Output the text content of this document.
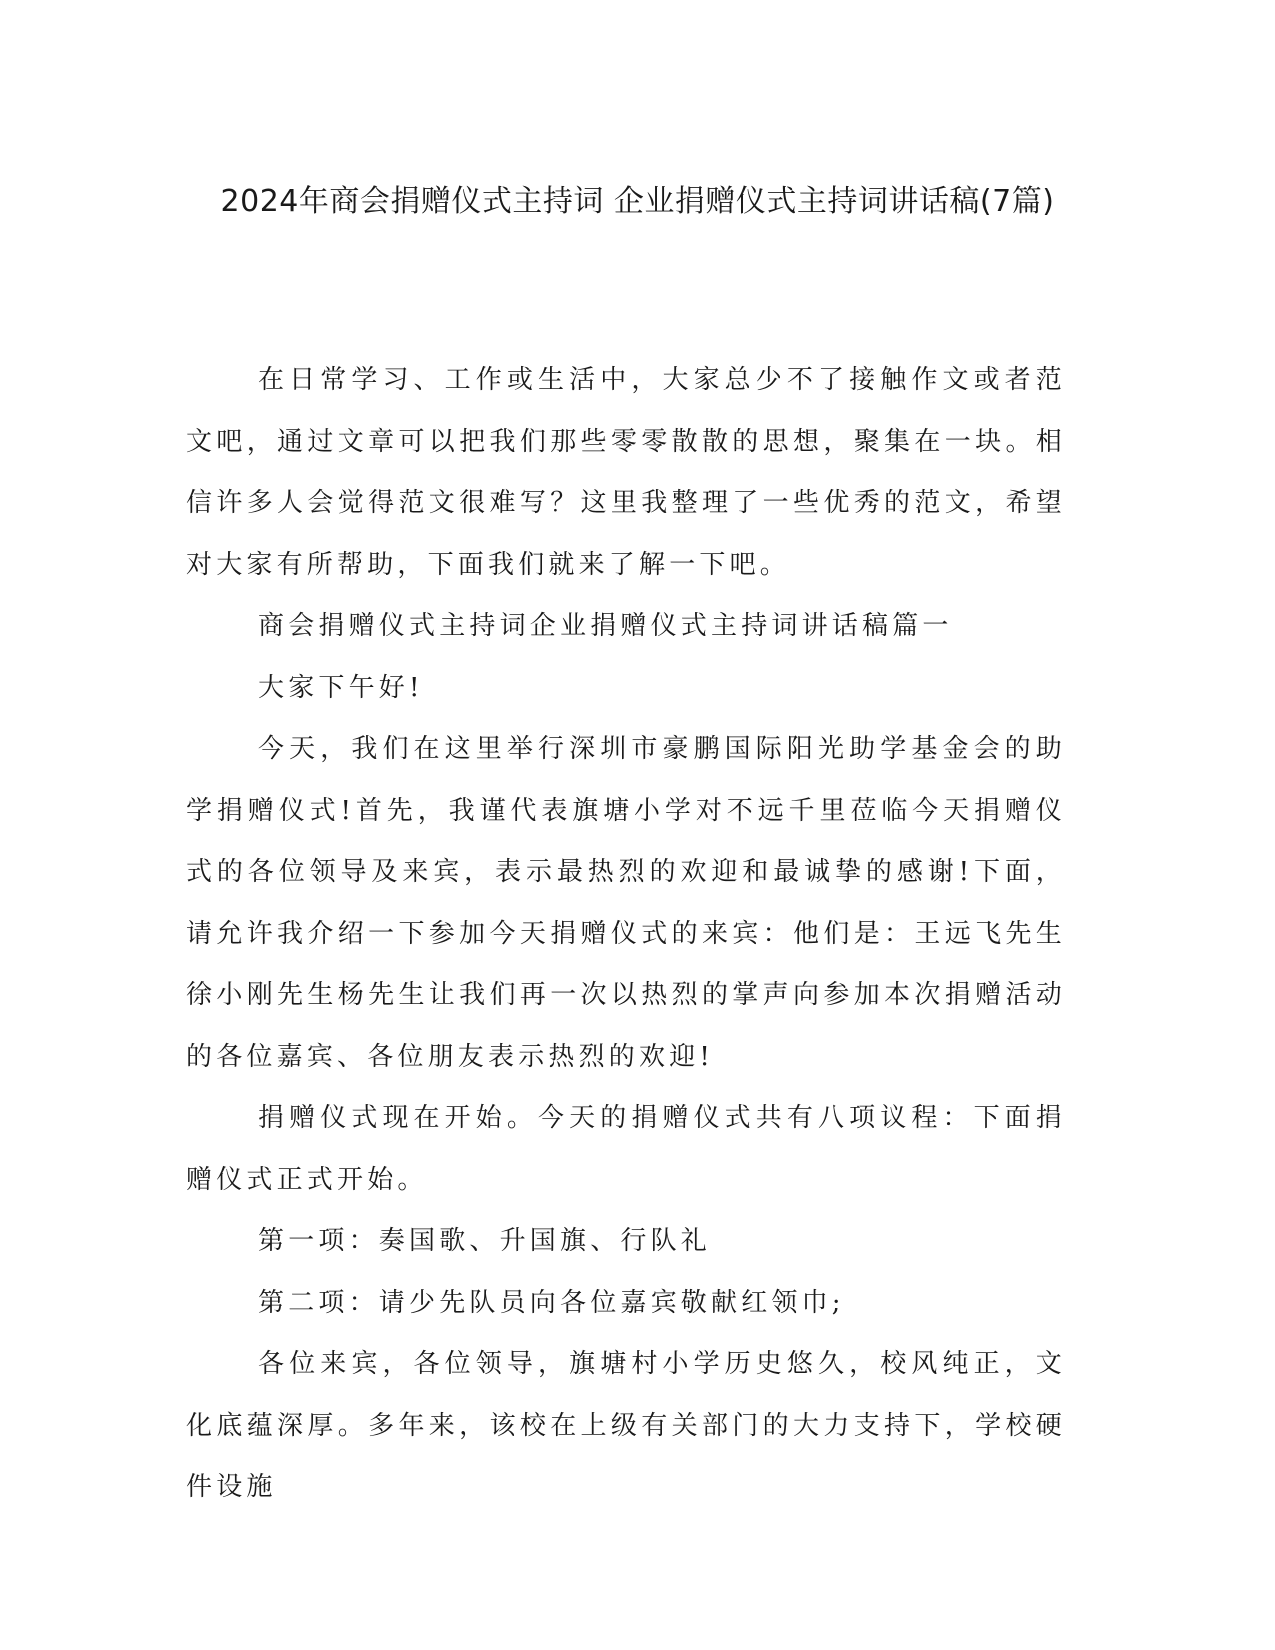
2024年商会捐赠仪式主持词 企业捐赠仪式主持词讲话稿(7篇)

在日常学习、工作或生活中，大家总少不了接触作文或者范文吧，通过文章可以把我们那些零零散散的思想，聚集在一块。相信许多人会觉得范文很难写？这里我整理了一些优秀的范文，希望对大家有所帮助，下面我们就来了解一下吧。

商会捐赠仪式主持词企业捐赠仪式主持词讲话稿篇一

大家下午好!

今天，我们在这里举行深圳市豪鹏国际阳光助学基金会的助学捐赠仪式!首先，我谨代表旗塘小学对不远千里莅临今天捐赠仪式的各位领导及来宾，表示最热烈的欢迎和最诚挚的感谢!下面，请允许我介绍一下参加今天捐赠仪式的来宾：他们是：王远飞先生徐小刚先生杨先生让我们再一次以热烈的掌声向参加本次捐赠活动的各位嘉宾、各位朋友表示热烈的欢迎!

捐赠仪式现在开始。今天的捐赠仪式共有八项议程：下面捐赠仪式正式开始。

第一项：奏国歌、升国旗、行队礼

第二项：请少先队员向各位嘉宾敬献红领巾;

各位来宾，各位领导，旗塘村小学历史悠久，校风纯正，文化底蕴深厚。多年来，该校在上级有关部门的大力支持下，学校硬件设施
